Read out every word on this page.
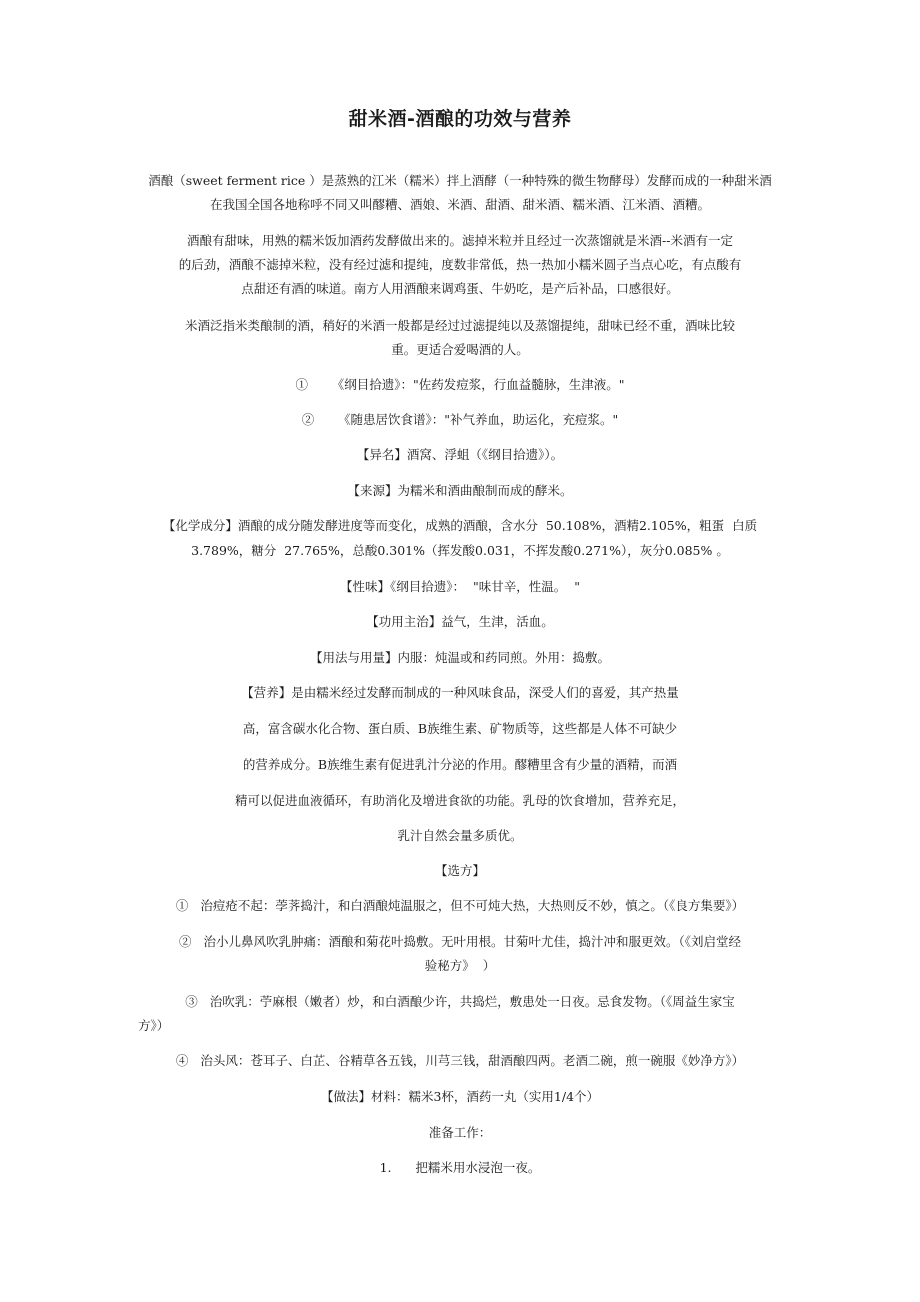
甜米酒-酒酿的功效与营养

酒酿（sweet ferment rice ）是蒸熟的江米（糯米）拌上酒酵（一种特殊的微生物酵母）发酵而成的一种甜米酒

在我国全国各地称呼不同又叫醪糟、酒娘、米酒、甜酒、甜米酒、糯米酒、江米酒、酒糟。

酒酿有甜味，用熟的糯米饭加酒药发酵做出来的。滤掉米粒并且经过一次蒸馏就是米酒--米酒有一定

的后劲，酒酿不滤掉米粒，没有经过滤和提纯，度数非常低，热一热加小糯米圆子当点心吃，有点酸有

点甜还有酒的味道。南方人用酒酿来调鸡蛋、牛奶吃，是产后补品，口感很好。

米酒泛指米类酿制的酒，稍好的米酒一般都是经过过滤提纯以及蒸馏提纯，甜味已经不重，酒味比较

重。更适合爱喝酒的人。

①      《纲目拾遗》："佐药发痘浆，行血益髓脉，生津液。"

②      《随患居饮食谱》："补气养血，助运化，充痘浆。"

【异名】酒窝、浮蛆（《纲目拾遗》）。

【来源】为糯米和酒曲酿制而成的酵米。

【化学成分】酒酿的成分随发酵进度等而变化，成熟的酒酿，含水分  50.108%，酒精2.105%，粗蛋  白质

3.789%，糖分  27.765%，总酸0.301%（挥发酸0.031，不挥发酸0.271%），灰分0.085% 。

【性味】《纲目拾遗》：  "味甘辛，性温。  "

【功用主治】益气，生津，活血。

【用法与用量】内服：炖温或和药同煎。外用：捣敷。

【营养】是由糯米经过发酵而制成的一种风味食品，深受人们的喜爱，其产热量

高，富含碳水化合物、蛋白质、B族维生素、矿物质等，这些都是人体不可缺少

的营养成分。B族维生素有促进乳汁分泌的作用。醪糟里含有少量的酒精，而酒

精可以促进血液循环，有助消化及增进食欲的功能。乳母的饮食增加，营养充足，

乳汁自然会量多质优。

【选方】

①   治痘疮不起：荸荠捣汁，和白酒酿炖温服之，但不可炖大热，大热则反不妙，慎之。（《良方集要》）

②   治小儿鼻风吹乳肿痛：酒酿和菊花叶捣敷。无叶用根。甘菊叶尤佳，捣汁冲和服更效。（《刘启堂经

验秘方》  ）

③   治吹乳：苧麻根（嫩者）炒，和白酒酿少许，共捣烂，敷患处一日夜。忌食发物。（《周益生家宝

方》）

④   治头风：苍耳子、白芷、谷精草各五钱，川芎三钱，甜酒酿四两。老酒二碗，煎一碗服《妙净方》）

【做法】材料：糯米3杯，酒药一丸（实用1/4个）

准备工作：

1.      把糯米用水浸泡一夜。
